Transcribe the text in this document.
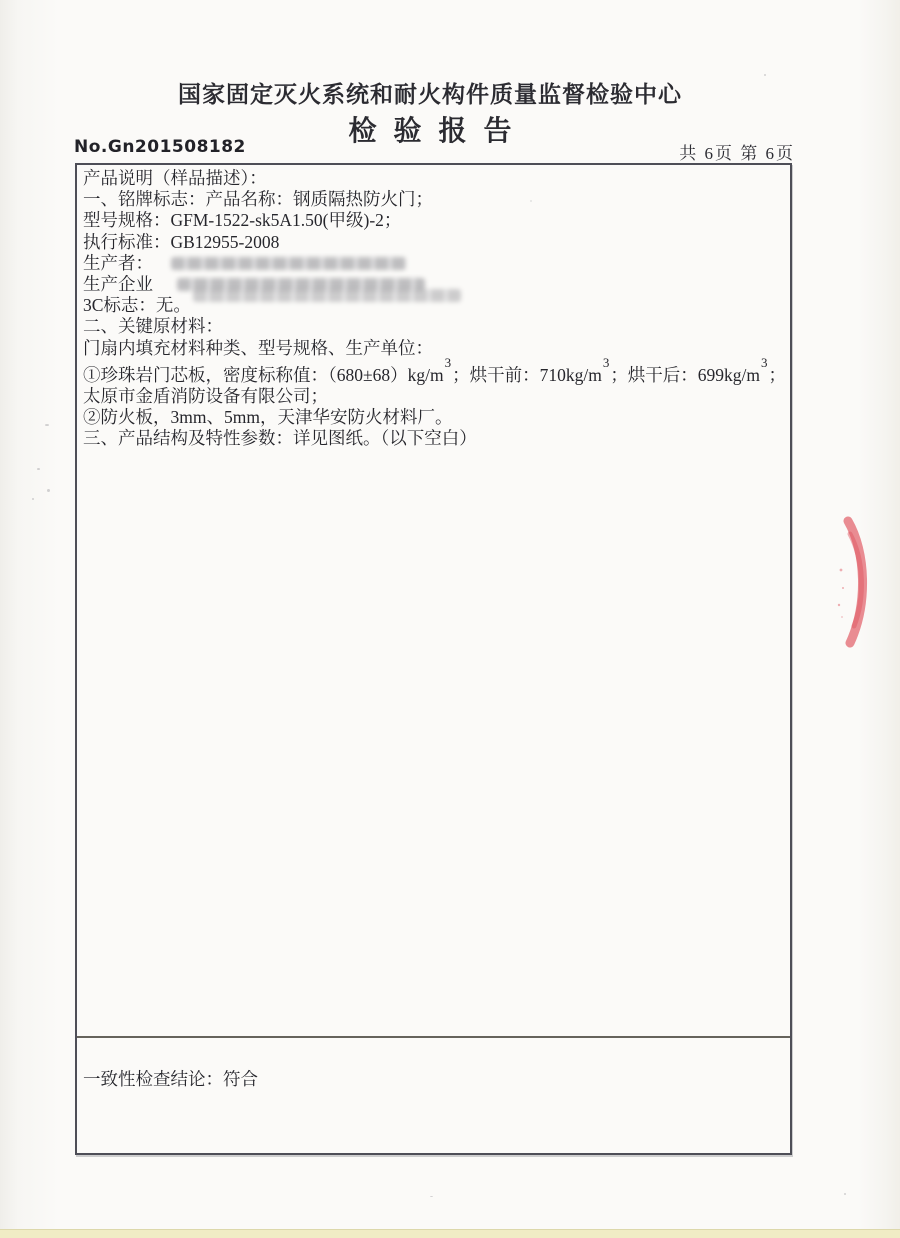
国家固定灭火系统和耐火构件质量监督检验中心
检验报告
No.Gn201508182	共 6页 第 6页
产品说明（样品描述）：
一、铭牌标志：产品名称：钢质隔热防火门；
型号规格：GFM-1522-sk5A1.50(甲级)-2；
执行标准：GB12955-2008
生产者：
生产企业
3C标志：无。
二、关键原材料：
门扇内填充材料种类、型号规格、生产单位：
①珍珠岩门芯板，密度标称值：$(680\pm 68)kg/m^3$；烘干前：$710kg/m^3$；烘干后：$699kg/m^3$；
太原市金盾消防设备有限公司；
②防火板，3mm、5mm，天津华安防火材料厂。
三、产品结构及特性参数：详见图纸。（以下空白）
一致性检查结论：符合
